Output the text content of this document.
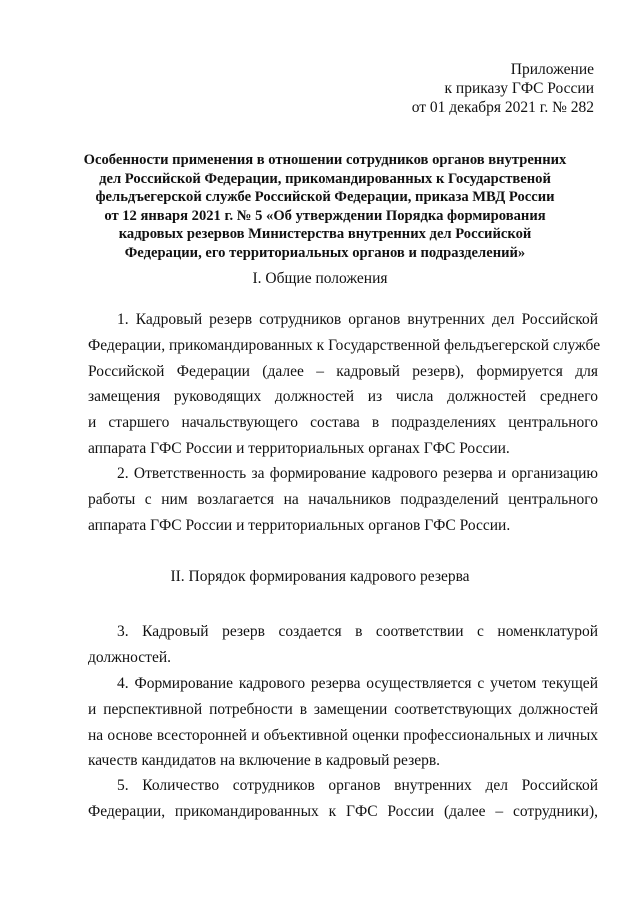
Приложение
к приказу ГФС России
от 01 декабря 2021 г. № 282
Особенности применения в отношении сотрудников органов внутренних
дел Российской Федерации, прикомандированных к Государственой
фельдъегерской службе Российской Федерации, приказа МВД России
от 12 января 2021 г. № 5 «Об утверждении Порядка формирования
кадровых резервов Министерства внутренних дел Российской
Федерации, его территориальных органов и подразделений»
I. Общие положения
1. Кадровый резерв сотрудников органов внутренних дел Российской
Федерации, прикомандированных к Государственной фельдъегерской службе
Российской Федерации (далее – кадровый резерв), формируется для
замещения руководящих должностей из числа должностей среднего
и старшего начальствующего состава в подразделениях центрального
аппарата ГФС России и территориальных органах ГФС России.
2. Ответственность за формирование кадрового резерва и организацию
работы с ним возлагается на начальников подразделений центрального
аппарата ГФС России и территориальных органов ГФС России.
II. Порядок формирования кадрового резерва
3. Кадровый резерв создается в соответствии с номенклатурой
должностей.
4. Формирование кадрового резерва осуществляется с учетом текущей
и перспективной потребности в замещении соответствующих должностей
на основе всесторонней и объективной оценки профессиональных и личных
качеств кандидатов на включение в кадровый резерв.
5. Количество сотрудников органов внутренних дел Российской
Федерации, прикомандированных к ГФС России (далее – сотрудники),
